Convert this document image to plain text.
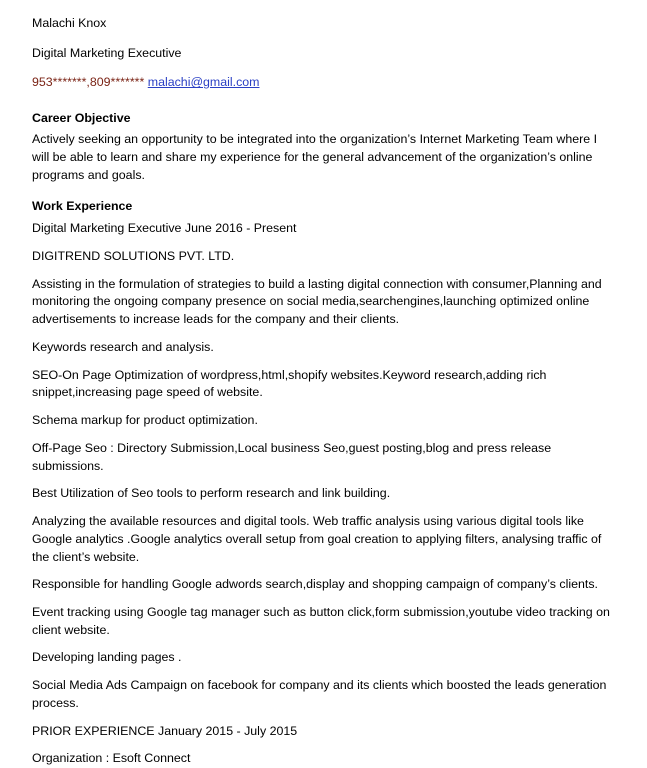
Malachi Knox
Digital Marketing Executive
953*******,809******* malachi@gmail.com
Career Objective
Actively seeking an opportunity to be integrated into the organization’s Internet Marketing Team where I will be able to learn and share my experience for the general advancement of the organization’s online programs and goals.
Work Experience
Digital Marketing Executive June 2016 - Present
DIGITREND SOLUTIONS PVT. LTD.
Assisting in the formulation of strategies to build a lasting digital connection with consumer,Planning and monitoring the ongoing company presence on social media,searchengines,launching optimized online advertisements to increase leads for the company and their clients.
Keywords research and analysis.
SEO-On Page Optimization of wordpress,html,shopify websites.Keyword research,adding rich snippet,increasing page speed of website.
Schema markup for product optimization.
Off-Page Seo : Directory Submission,Local business Seo,guest posting,blog and press release submissions.
Best Utilization of Seo tools to perform research and link building.
Analyzing the available resources and digital tools. Web traffic analysis using various digital tools like Google analytics .Google analytics overall setup from goal creation to applying filters, analysing traffic of the client’s website.
Responsible for handling Google adwords search,display and shopping campaign of company’s clients.
Event tracking using Google tag manager such as button click,form submission,youtube video tracking on client website.
Developing landing pages .
Social Media Ads Campaign on facebook for company and its clients which boosted the leads generation process.
PRIOR EXPERIENCE January 2015 - July 2015
Organization : Esoft Connect
